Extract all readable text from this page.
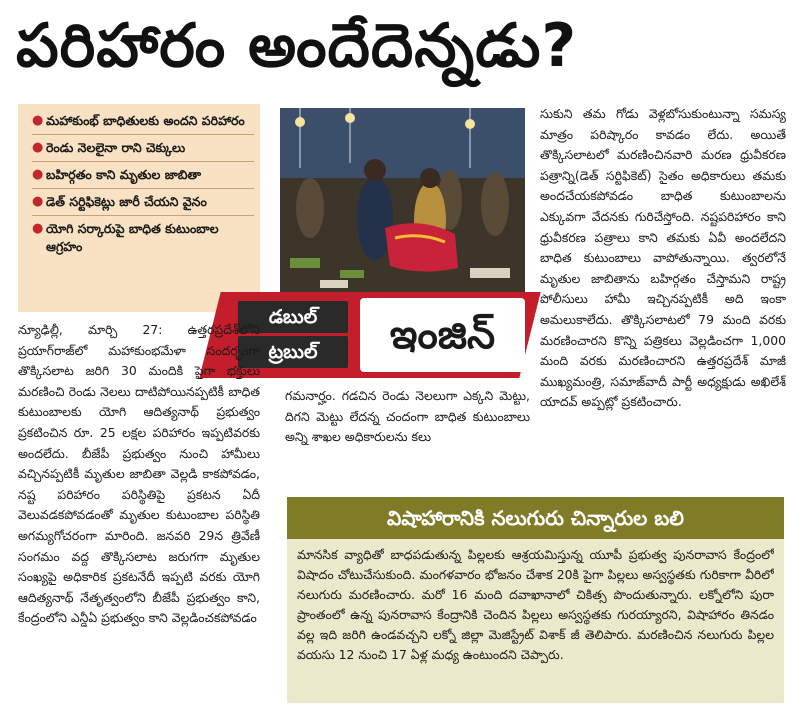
పరిహారం అందేదెన్నడు?
● మహాకుంభ్ బాధితులకు అందని పరిహారం
● రెండు నెలలైనా రాని చెక్కులు
● బహిర్గతం కాని మృతుల జాబితా
● డెత్ సర్టిఫికెట్లు జారీ చేయని వైనం
● యోగి సర్కారుపై బాధిత కుటుంబాల ఆగ్రహం
డబుల్
ట్రబుల్	ఇంజిన్

న్యూఢిల్లీ, మార్చి 27: ఉత్తరప్రదేశ్‌లోని ప్రయాగ్‌రాజ్‌లో మహాకుంభమేళా సందర్భంగా తొక్కిసలాట జరిగి 30 మందికి పైగా భక్తులు మరణించి రెండు నెలలు దాటిపోయినప్పటికీ బాధిత కుటుంబాలకు యోగి ఆదిత్యనాథ్ ప్రభుత్వం ప్రకటించిన రూ. 25 లక్షల పరిహారం ఇప్పటివరకు అందలేదు. బీజేపీ ప్రభుత్వం నుంచి హామీలు వచ్చినప్పటికీ మృతుల జాబితా వెల్లడి కాకపోవడం, నష్ట పరిహారం పరిస్థితిపై ప్రకటన ఏదీ వెలువడకపోవడంతో మృతుల కుటుంబాల పరిస్థితి అగమ్యగోచరంగా మారింది. జనవరి 29న త్రివేణీ సంగమం వద్ద తొక్కిసలాట జరుగగా మృతుల సంఖ్యపై అధికారిక ప్రకటనేదీ ఇప్పటి వరకు యోగి ఆదిత్యనాథ్ నేతృత్వంలోని బీజేపీ ప్రభుత్వం కాని, కేంద్రంలోని ఎన్డీఏ ప్రభుత్వం కాని వెల్లడించకపోవడం

గమనార్హం. గడచిన రెండు నెలలుగా ఎక్కని మెట్టు, దిగని మెట్టు లేదన్న చందంగా బాధిత కుటుంబాలు అన్ని శాఖల అధికారులను కలు

సుకుని తమ గోడు వెళ్లబోసుకుంటున్నా సమస్య మాత్రం పరిష్కారం కావడం లేదు. అయితే తొక్కిసలాటలో మరణించినవారి మరణ ధ్రువీకరణ పత్రాన్ని(డెత్ సర్టిఫికెట్) సైతం అధికారులు తమకు అందచేయకపోవడం బాధిత కుటుంబాలను ఎక్కువగా వేదనకు గురిచేస్తోంది. నష్టపరిహారం కాని ధ్రువీకరణ పత్రాలు కాని తమకు ఏవీ అందలేదని బాధిత కుటుంబాలు వాపోతున్నాయి. త్వరలోనే మృతుల జాబితాను బహిర్గతం చేస్తామని రాష్ట్ర పోలీసులు హామీ ఇచ్చినప్పటికీ అది ఇంకా అమలుకాలేదు. తొక్కిసలాటలో 79 మంది వరకు మరణించారని కొన్ని పత్రికలు వెల్లడించగా 1,000 మంది వరకు మరణించారని ఉత్తరప్రదేశ్ మాజీ ముఖ్యమంత్రి, సమాజ్‌వాదీ పార్టీ అధ్యక్షుడు అఖిలేశ్ యాదవ్ అప్పట్లో ప్రకటించారు.

విషాహారానికి నలుగురు చిన్నారుల బలి

మానసిక వ్యాధితో బాధపడుతున్న పిల్లలకు ఆశ్రయమిస్తున్న యూపీ ప్రభుత్వ పునరావాస కేంద్రంలో విషాదం చోటుచేసుకుంది. మంగళవారం భోజనం చేశాక 20కి పైగా పిల్లలు అస్వస్థతకు గురికాగా వీరిలో నలుగురు మరణించారు. మరో 16 మంది దవాఖానాలో చికిత్స పొందుతున్నారు. లక్నోలోని పురా ప్రాంతంలో ఉన్న పునరావాస కేంద్రానికి చెందిన పిల్లలు అస్వస్థతకు గురయ్యారని, విషాహారం తినడం వల్ల ఇది జరిగి ఉండవచ్చని లక్నో జిల్లా మెజిస్ట్రేట్ విశాక్ జీ తెలిపారు. మరణించిన నలుగురు పిల్లల వయసు 12 నుంచి 17 ఏళ్ల మధ్య ఉంటుందని చెప్పారు.
